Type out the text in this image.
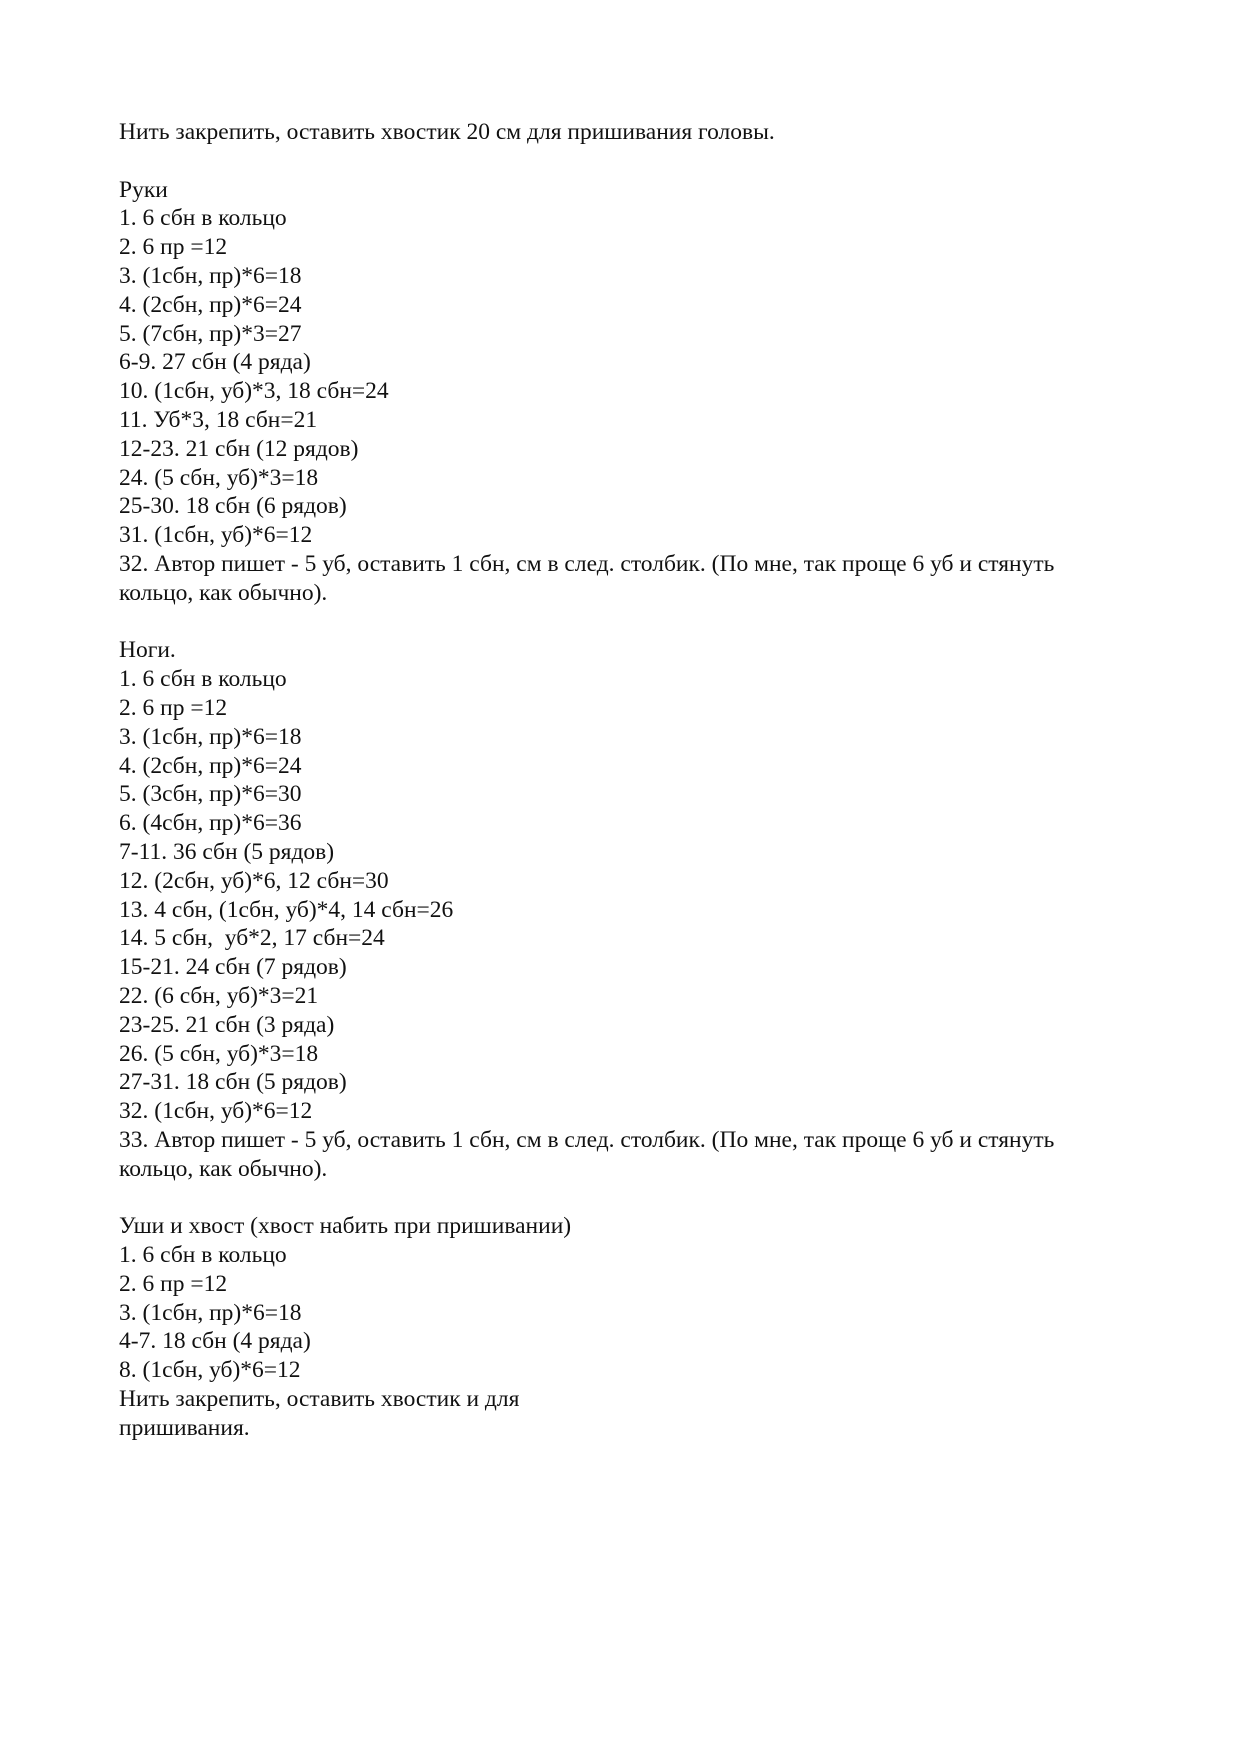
Нить закрепить, оставить хвостик 20 см для пришивания головы.
Руки
1. 6 сбн в кольцо
2. 6 пр =12
3. (1сбн, пр)*6=18
4. (2сбн, пр)*6=24
5. (7сбн, пр)*3=27
6-9. 27 сбн (4 ряда)
10. (1сбн, уб)*3, 18 сбн=24
11. Уб*3, 18 сбн=21
12-23. 21 сбн (12 рядов)
24. (5 сбн, уб)*3=18
25-30. 18 сбн (6 рядов)
31. (1сбн, уб)*6=12
32. Автор пишет - 5 уб, оставить 1 сбн, см в след. столбик. (По мне, так проще 6 уб и стянуть
кольцо, как обычно).
Ноги.
1. 6 сбн в кольцо
2. 6 пр =12
3. (1сбн, пр)*6=18
4. (2сбн, пр)*6=24
5. (3сбн, пр)*6=30
6. (4сбн, пр)*6=36
7-11. 36 сбн (5 рядов)
12. (2сбн, уб)*6, 12 сбн=30
13. 4 сбн, (1сбн, уб)*4, 14 сбн=26
14. 5 сбн,  уб*2, 17 сбн=24
15-21. 24 сбн (7 рядов)
22. (6 сбн, уб)*3=21
23-25. 21 сбн (3 ряда)
26. (5 сбн, уб)*3=18
27-31. 18 сбн (5 рядов)
32. (1сбн, уб)*6=12
33. Автор пишет - 5 уб, оставить 1 сбн, см в след. столбик. (По мне, так проще 6 уб и стянуть
кольцо, как обычно).
Уши и хвост (хвост набить при пришивании)
1. 6 сбн в кольцо
2. 6 пр =12
3. (1сбн, пр)*6=18
4-7. 18 сбн (4 ряда)
8. (1сбн, уб)*6=12
Нить закрепить, оставить хвостик и для
пришивания.
